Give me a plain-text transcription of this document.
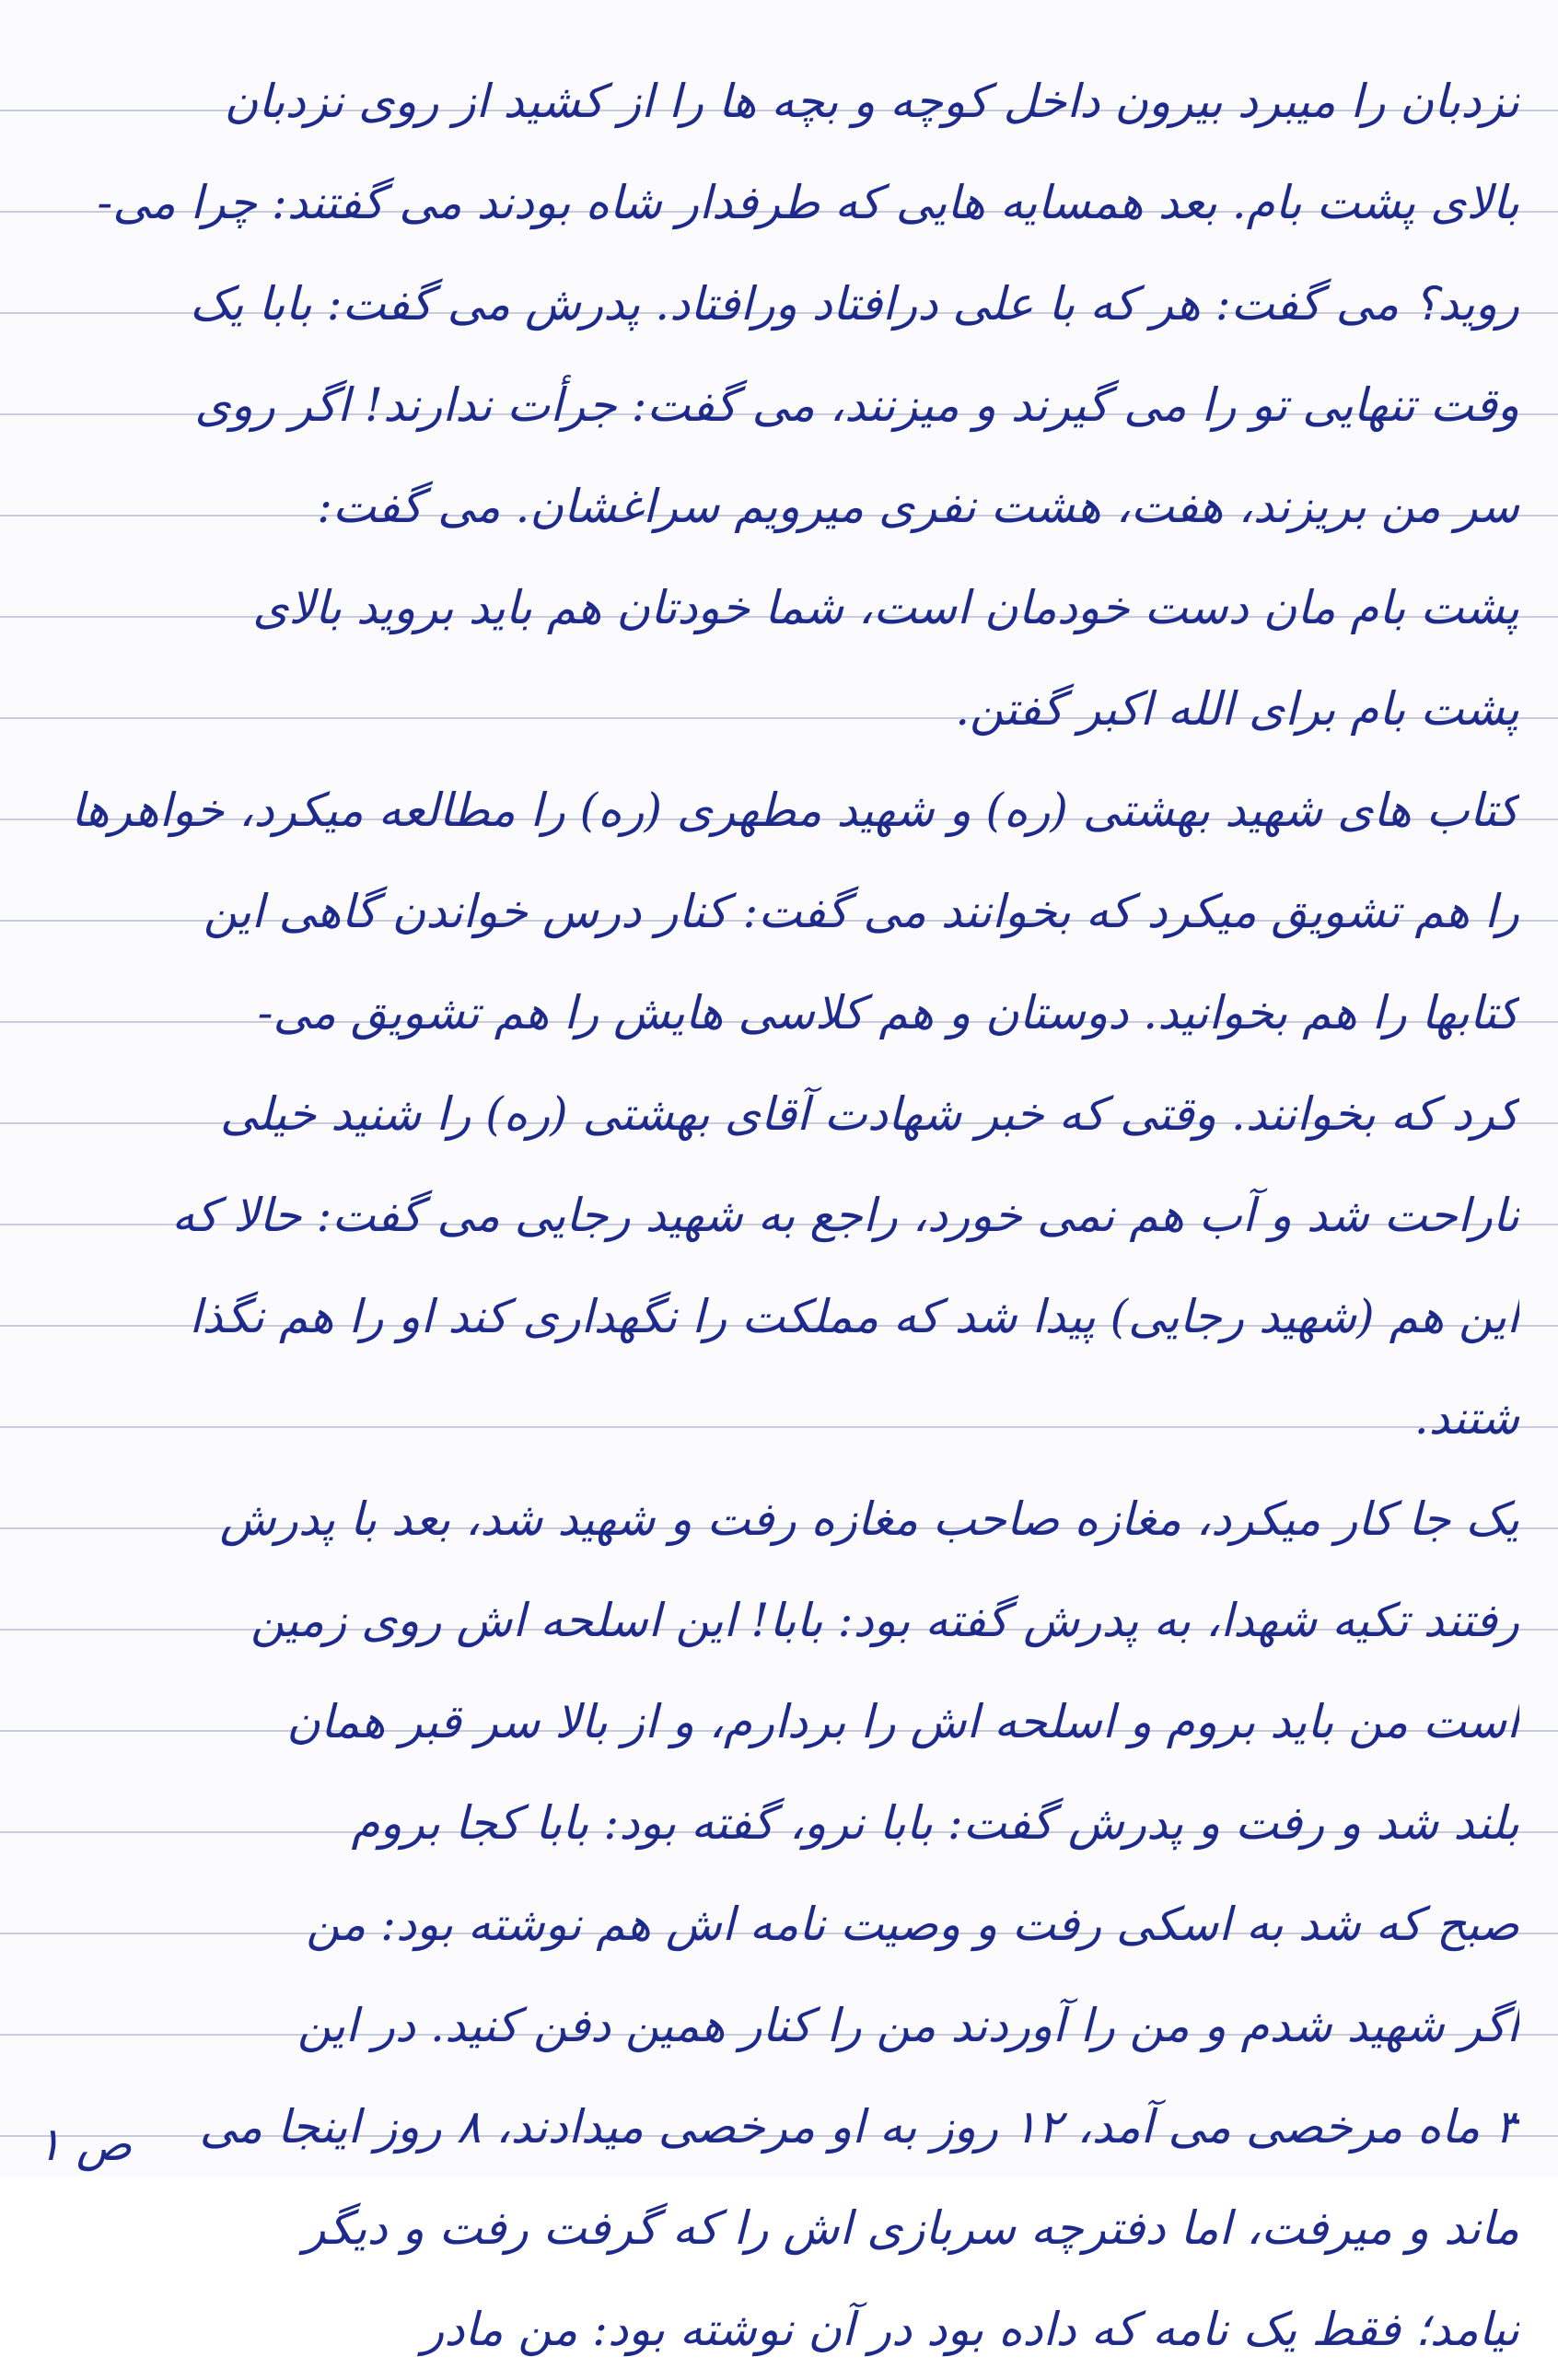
نزدبان را میبرد بیرون داخل کوچه و بچه ها را از کشید از روی نزدبان
بالای پشت بام. بعد همسایه هایی که طرفدار شاه بودند می گفتند: چرا می-
روید؟ می گفت: هر که با علی درافتاد ورافتاد. پدرش می گفت: بابا یک
وقت تنهایی تو را می گیرند و میزنند، می گفت: جرأت ندارند! اگر روی
سر من بریزند، هفت، هشت نفری میرویم سراغشان. می گفت:
پشت بام مان دست خودمان است، شما خودتان هم باید بروید بالای
پشت بام برای الله اکبر گفتن.
کتاب های شهید بهشتی (ره) و شهید مطهری (ره) را مطالعه میکرد، خواهرها
را هم تشویق میکرد که بخوانند می گفت: کنار درس خواندن گاهی این
کتابها را هم بخوانید. دوستان و هم کلاسی هایش را هم تشویق می-
کرد که بخوانند. وقتی که خبر شهادت آقای بهشتی (ره) را شنید خیلی
ناراحت شد و آب هم نمی خورد، راجع به شهید رجایی می گفت: حالا که
این هم (شهید رجایی) پیدا شد که مملکت را نگهداری کند او را هم نگذا
شتند.
یک جا کار میکرد، مغازه صاحب مغازه رفت و شهید شد، بعد با پدرش
رفتند تکیه شهدا، به پدرش گفته بود: بابا! این اسلحه اش روی زمین
است من باید بروم و اسلحه اش را بردارم، و از بالا سر قبر همان
بلند شد و رفت و پدرش گفت: بابا نرو، گفته بود: بابا کجا بروم
صبح که شد به اسکی رفت و وصیت نامه اش هم نوشته بود: من
اگر شهید شدم و من را آوردند من را کنار همین دفن کنید. در این
۳ ماه مرخصی می آمد، ۱۲ روز به او مرخصی میدادند، ۸ روز اینجا می
ماند و میرفت، اما دفترچه سربازی اش را که گرفت رفت و دیگر
نیامد؛ فقط یک نامه که داده بود در آن نوشته بود: من مادر
ص ۱
